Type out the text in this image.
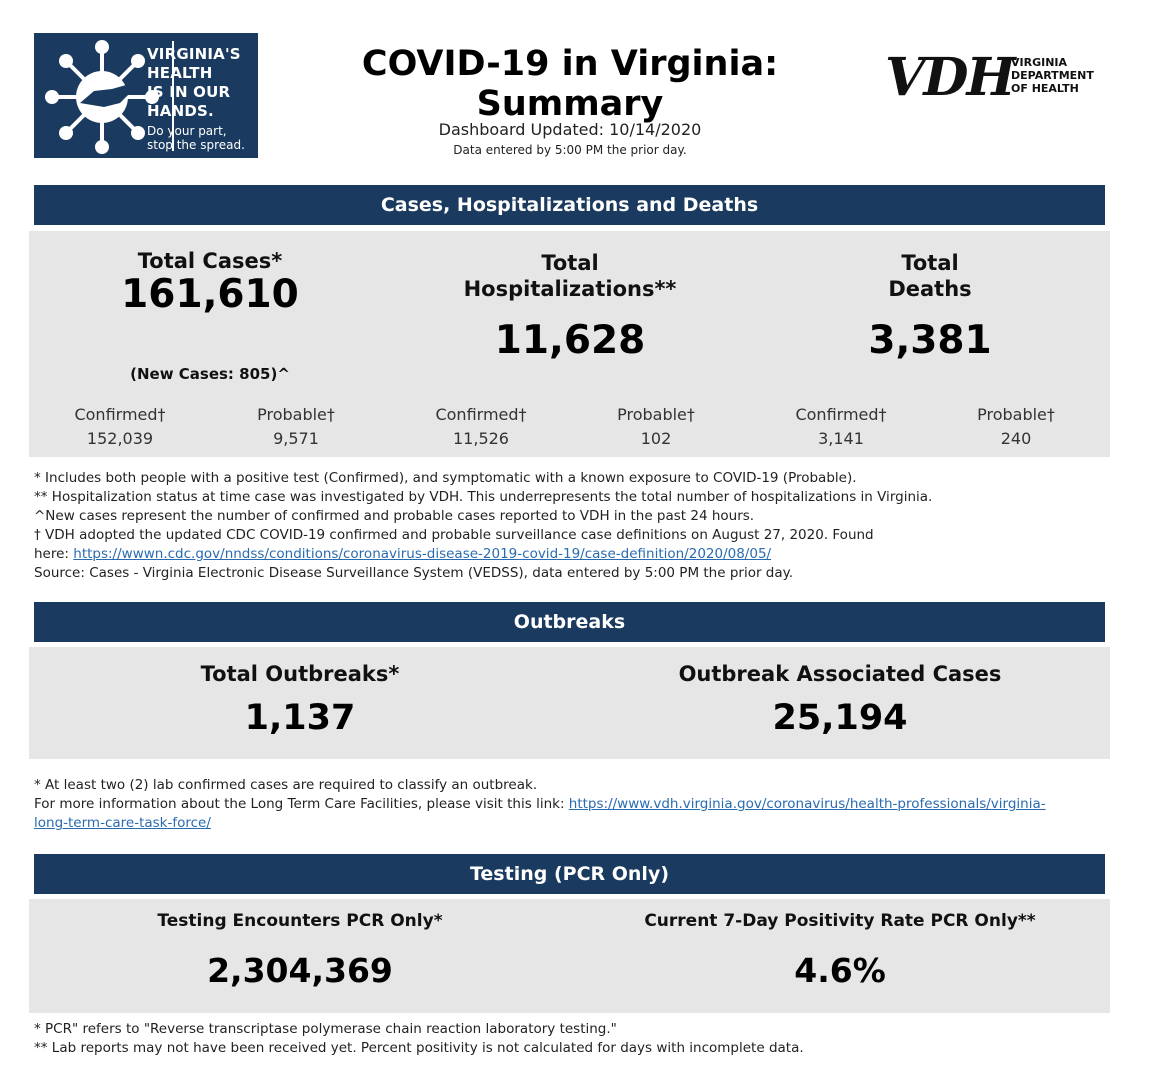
VIRGINIA'S
HEALTH
IS IN OUR
HANDS.
Do your part,
stop the spread.
COVID-19 in Virginia: Summary
Dashboard Updated: 10/14/2020
Data entered by 5:00 PM the prior day.
VDH
VIRGINIA
DEPARTMENT
OF HEALTH
Cases, Hospitalizations and Deaths
Total Cases*
161,610
(New Cases: 805)^
Total
Hospitalizations**
11,628
Total
Deaths
3,381
Confirmed†
152,039
Probable†
9,571
Confirmed†
11,526
Probable†
102
Confirmed†
3,141
Probable†
240
* Includes both people with a positive test (Confirmed), and symptomatic with a known exposure to COVID-19 (Probable).
** Hospitalization status at time case was investigated by VDH. This underrepresents the total number of hospitalizations in Virginia.
^New cases represent the number of confirmed and probable cases reported to VDH in the past 24 hours.
† VDH adopted the updated CDC COVID-19 confirmed and probable surveillance case definitions on August 27, 2020. Found
here: https://wwwn.cdc.gov/nndss/conditions/coronavirus-disease-2019-covid-19/case-definition/2020/08/05/
Source: Cases - Virginia Electronic Disease Surveillance System (VEDSS), data entered by 5:00 PM the prior day.
Outbreaks
Total Outbreaks*
1,137
Outbreak Associated Cases
25,194
* At least two (2) lab confirmed cases are required to classify an outbreak.
For more information about the Long Term Care Facilities, please visit this link: https://www.vdh.virginia.gov/coronavirus/health-professionals/virginia-
long-term-care-task-force/
Testing (PCR Only)
Testing Encounters PCR Only*
2,304,369
Current 7-Day Positivity Rate PCR Only**
4.6%
* PCR" refers to "Reverse transcriptase polymerase chain reaction laboratory testing."
** Lab reports may not have been received yet. Percent positivity is not calculated for days with incomplete data.
